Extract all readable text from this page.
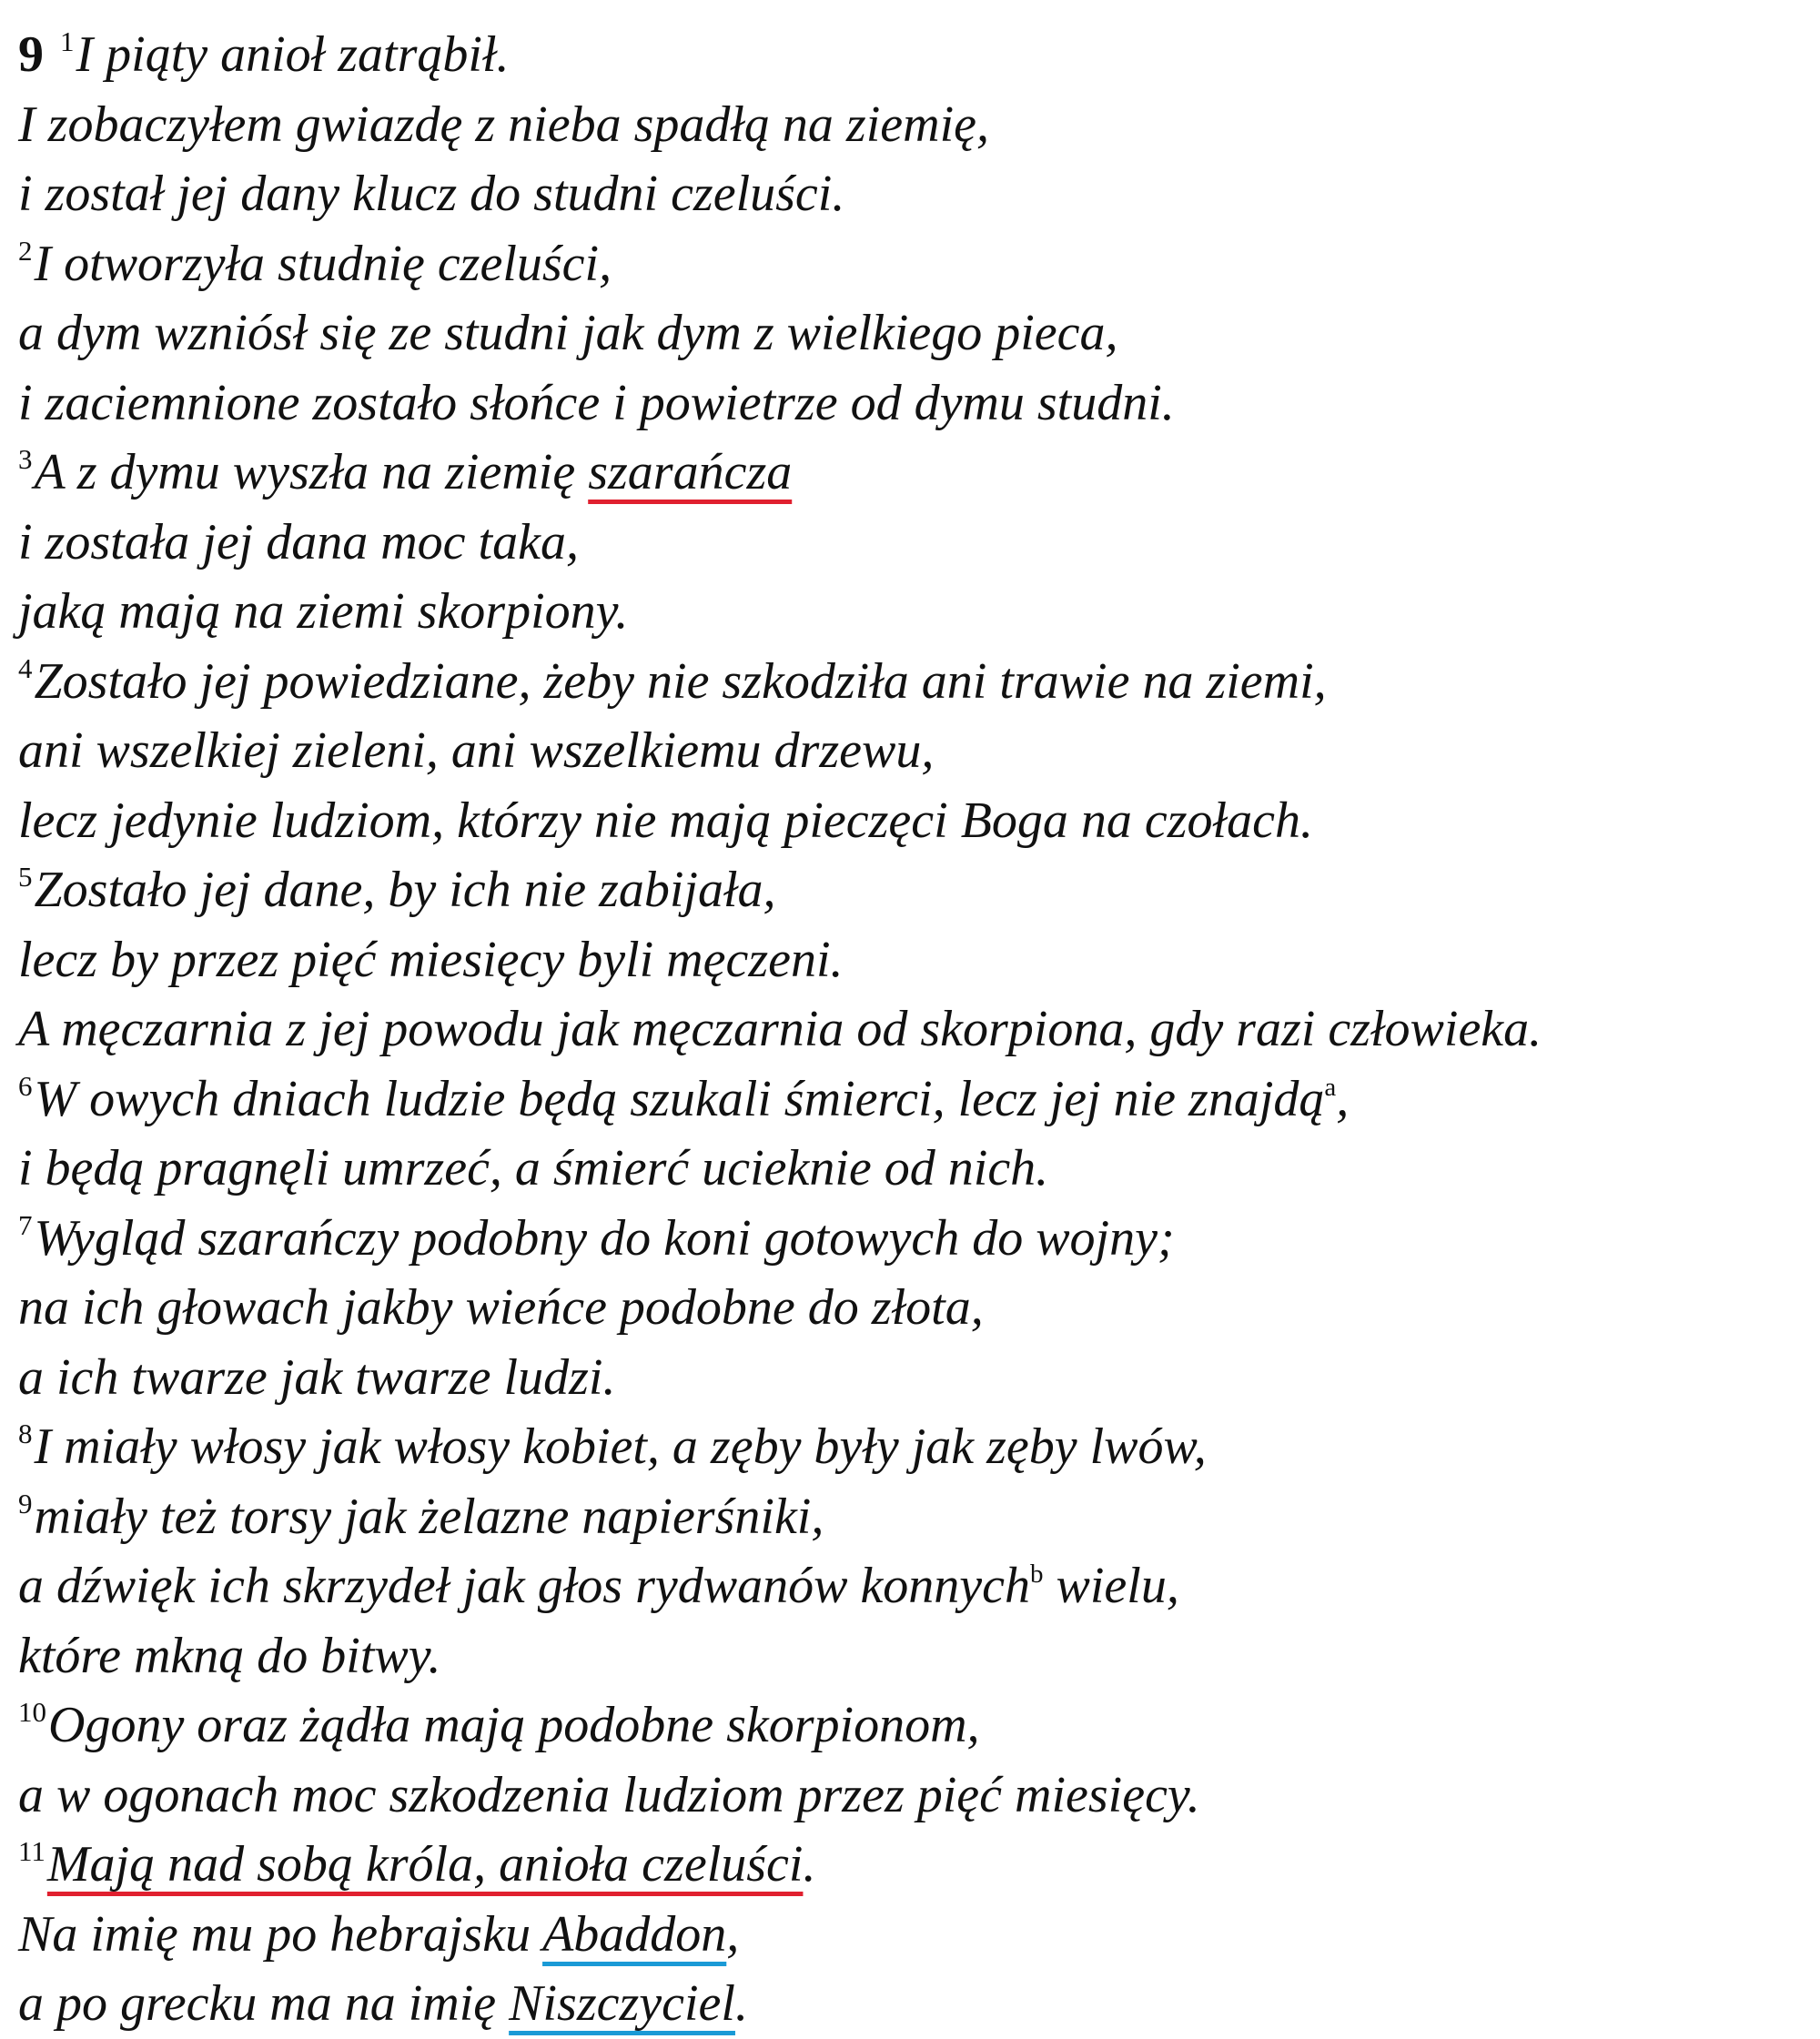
9 $^1$I piąty anioł zatrąbił.
I zobaczyłem gwiazdę z nieba spadłą na ziemię,
i został jej dany klucz do studni czeluści.
$^2$I otworzyła studnię czeluści,
a dym wzniósł się ze studni jak dym z wielkiego pieca,
i zaciemnione zostało słońce i powietrze od dymu studni.
$^3$A z dymu wyszła na ziemię szarańcza
i została jej dana moc taka,
jaką mają na ziemi skorpiony.
$^4$Zostało jej powiedziane, żeby nie szkodziła ani trawie na ziemi,
ani wszelkiej zieleni, ani wszelkiemu drzewu,
lecz jedynie ludziom, którzy nie mają pieczęci Boga na czołach.
$^5$Zostało jej dane, by ich nie zabijała,
lecz by przez pięć miesięcy byli męczeni.
A męczarnia z jej powodu jak męczarnia od skorpiona, gdy razi człowieka.
$^6$W owych dniach ludzie będą szukali śmierci, lecz jej nie znajdą$^a$,
i będą pragnęli umrzeć, a śmierć ucieknie od nich.
$^7$Wygląd szarańczy podobny do koni gotowych do wojny;
na ich głowach jakby wieńce podobne do złota,
a ich twarze jak twarze ludzi.
$^8$I miały włosy jak włosy kobiet, a zęby były jak zęby lwów,
$^9$miały też torsy jak żelazne napierśniki,
a dźwięk ich skrzydeł jak głos rydwanów konnych$^b$ wielu,
które mkną do bitwy.
$^{10}$Ogony oraz żądła mają podobne skorpionom,
a w ogonach moc szkodzenia ludziom przez pięć miesięcy.
$^{11}$Mają nad sobą króla, anioła czeluści.
Na imię mu po hebrajsku Abaddon,
a po grecku ma na imię Niszczyciel.
